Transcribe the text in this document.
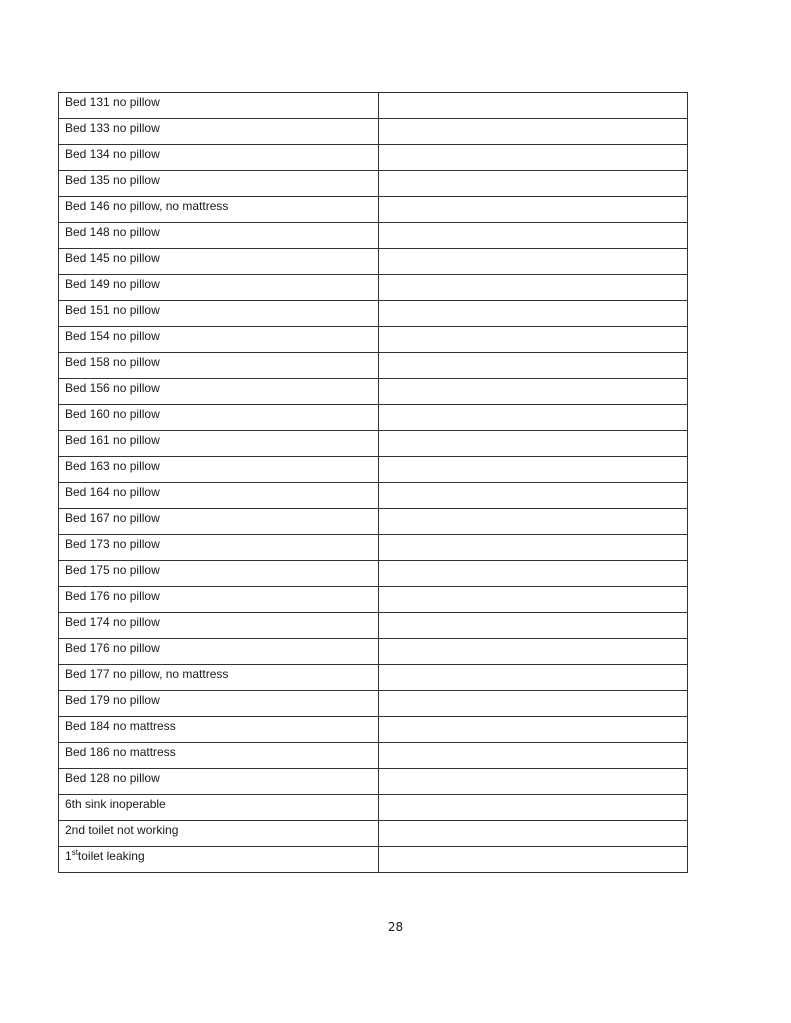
Bed 131 no pillow	
Bed 133 no pillow	
Bed 134 no pillow	
Bed 135 no pillow	
Bed 146 no pillow, no mattress	
Bed 148 no pillow	
Bed 145 no pillow	
Bed 149 no pillow	
Bed 151 no pillow	
Bed 154 no pillow	
Bed 158 no pillow	
Bed 156 no pillow	
Bed 160 no pillow	
Bed 161 no pillow	
Bed 163 no pillow	
Bed 164 no pillow	
Bed 167 no pillow	
Bed 173 no pillow	
Bed 175 no pillow	
Bed 176 no pillow	
Bed 174 no pillow	
Bed 176 no pillow	
Bed 177 no pillow, no mattress	
Bed 179 no pillow	
Bed 184 no mattress	
Bed 186 no mattress	
Bed 128 no pillow	
6th sink inoperable	
2nd toilet not working	
1sttoilet leaking	
28
